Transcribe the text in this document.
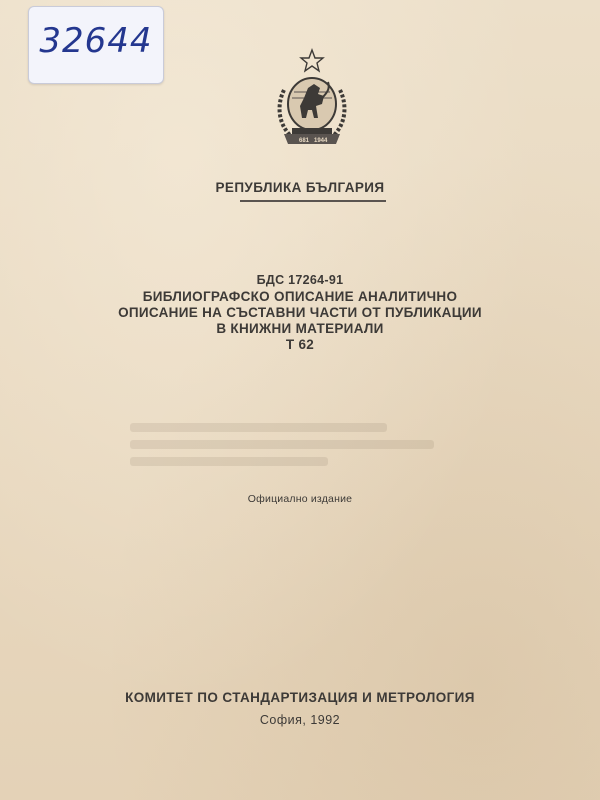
32644
681 1944
РЕПУБЛИКА БЪЛГАРИЯ
БДС 17264-91
БИБЛИОГРАФСКО ОПИСАНИЕ АНАЛИТИЧНО
ОПИСАНИЕ НА СЪСТАВНИ ЧАСТИ ОТ ПУБЛИКАЦИИ
В КНИЖНИ МАТЕРИАЛИ
Т 62
Официално издание
КОМИТЕТ ПО СТАНДАРТИЗАЦИЯ И МЕТРОЛОГИЯ
София, 1992
